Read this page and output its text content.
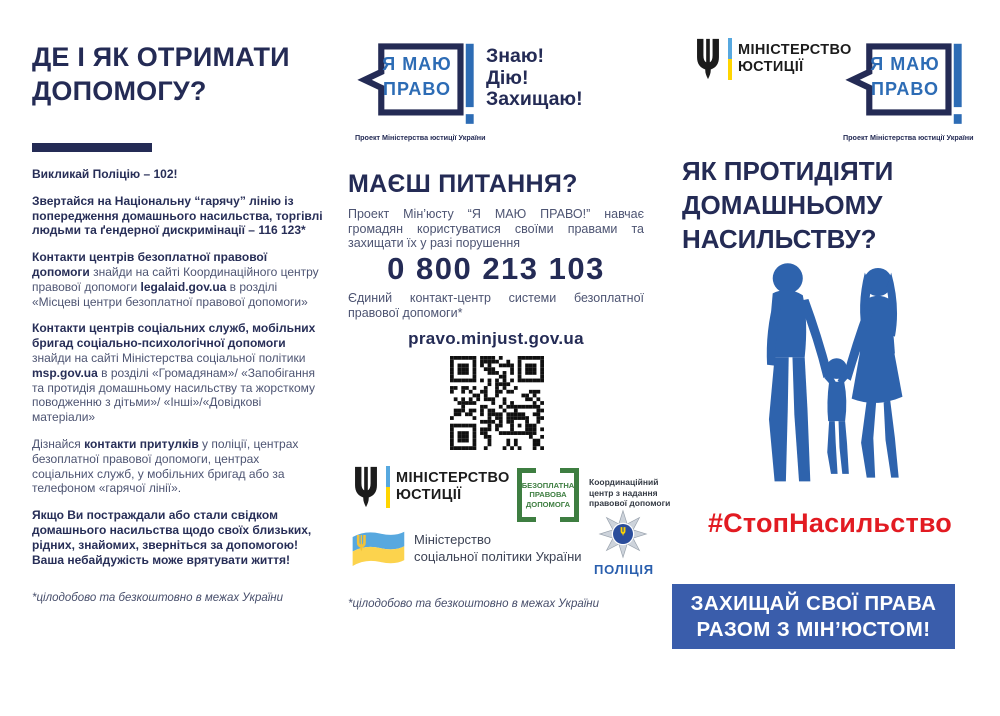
ДЕ І ЯК ОТРИМАТИ
ДОПОМОГУ?

Викликай Поліцію – 102!

Звертайся на Національну “гарячу” лінію із попередження домашнього насильства, торгівлі людьми та ґендерної дискримінації – 116 123*

Контакти центрів безоплатної правової допомоги знайди на сайті Координаційного центру правової допомоги legalaid.gov.ua в розділі «Місцеві центри безоплатної правової допомоги»

Контакти центрів соціальних служб, мобільних бригад соціально-психологічної допомоги знайди на сайті Міністерства соціальної політики msp.gov.ua в розділі «Громадянам»/ «Запобігання та протидія домашньому насильству та жорсткому поводженню з дітьми»/ «Інші»/«Довідкові матеріали»

Дізнайся контакти притулків у поліції, центрах безоплатної правової допомоги, центрах соціальних служб, у мобільних бригад або за телефоном «гарячої лінії».

Якщо Ви постраждали або стали свідком домашнього насильства щодо своїх близьких, рідних, знайомих, зверніться за допомогою! Ваша небайдужість може врятувати життя!

*цілодобово та безкоштовно в межах України
Я МАЮ
ПРАВО
Проект Міністерства юстиції України
Знаю!
Дію!
Захищаю!
МАЄШ ПИТАННЯ?
Проект Мін’юсту “Я МАЮ ПРАВО!” навчає громадян користуватися своїми правами та захищати їх у разі порушення
0 800 213 103
Єдиний контакт-центр системи безоплатної правової допомоги*
pravo.minjust.gov.ua
МІНІСТЕРСТВО
ЮСТИЦІЇ
БЕЗОПЛАТНА
ПРАВОВА
ДОПОМОГА
Координаційний
центр з надання
правової допомоги
Міністерство
соціальної політики України
ПОЛІЦІЯ
*цілодобово та безкоштовно в межах України
МІНІСТЕРСТВО
ЮСТИЦІЇ	Я МАЮ
ПРАВО
Проект Міністерства юстиції України
ЯК ПРОТИДІЯТИ
ДОМАШНЬОМУ
НАСИЛЬСТВУ?
#СтопНасильство
ЗАХИЩАЙ СВОЇ ПРАВА
РАЗОМ З МІН’ЮСТОМ!
